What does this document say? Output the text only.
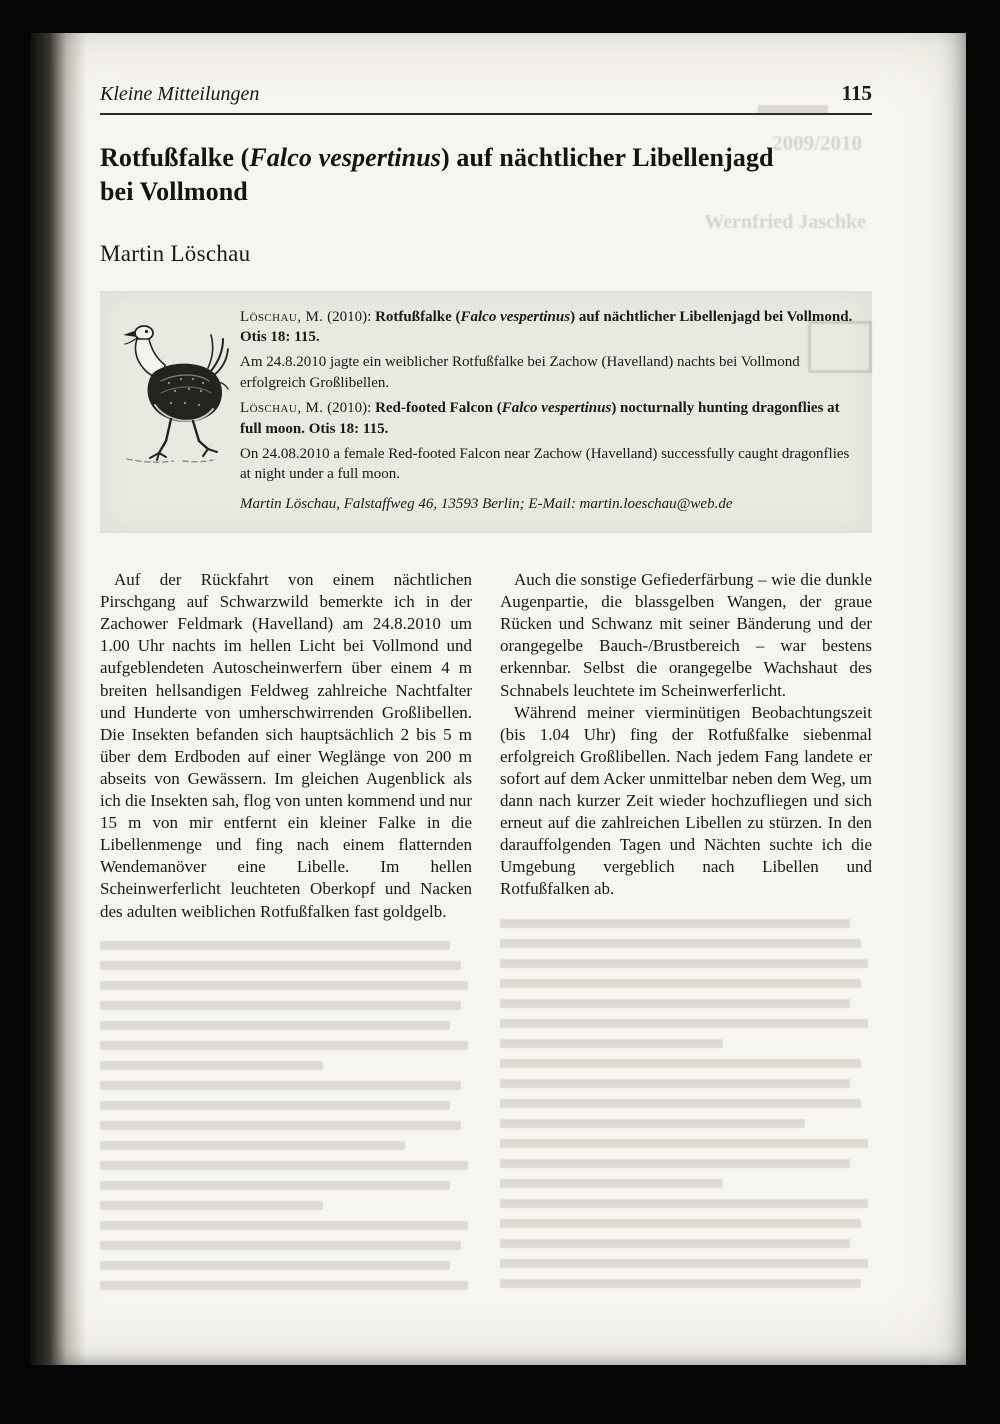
2009/2010
Wernfried Jaschke
Kleine Mitteilungen	115
Rotfußfalke (Falco vespertinus) auf nächtlicher Libellenjagd
bei Vollmond
Martin Löschau

Löschau, M. (2010): Rotfußfalke (Falco vespertinus) auf nächtlicher Libellenjagd bei Vollmond. Otis 18: 115.

Am 24.8.2010 jagte ein weiblicher Rotfußfalke bei Zachow (Havelland) nachts bei Vollmond erfolgreich Großlibellen.

Löschau, M. (2010): Red-footed Falcon (Falco vespertinus) nocturnally hunting dragonflies at full moon. Otis 18: 115.

On 24.08.2010 a female Red-footed Falcon near Zachow (Havelland) successfully caught dragonflies at night under a full moon.

Martin Löschau, Falstaffweg 46, 13593 Berlin; E-Mail: martin.loeschau@web.de

Auf der Rückfahrt von einem nächtlichen Pirschgang auf Schwarzwild bemerkte ich in der Zachower Feldmark (Havelland) am 24.8.2010 um 1.00 Uhr nachts im hellen Licht bei Vollmond und aufgeblendeten Autoscheinwerfern über einem 4 m breiten hellsandigen Feldweg zahlreiche Nachtfalter und Hunderte von umherschwirrenden Großlibellen. Die Insekten befanden sich hauptsächlich 2 bis 5 m über dem Erdboden auf einer Weglänge von 200 m abseits von Gewässern. Im gleichen Augenblick als ich die Insekten sah, flog von unten kommend und nur 15 m von mir entfernt ein kleiner Falke in die Libellenmenge und fing nach einem flatternden Wendemanöver eine Libelle. Im hellen Scheinwerferlicht leuchteten Oberkopf und Nacken des adulten weiblichen Rotfußfalken fast goldgelb.

Auch die sonstige Gefiederfärbung – wie die dunkle Augenpartie, die blassgelben Wangen, der graue Rücken und Schwanz mit seiner Bänderung und der orangegelbe Bauch-/Brustbereich – war bestens erkennbar. Selbst die orangegelbe Wachshaut des Schnabels leuchtete im Scheinwerferlicht.

Während meiner vierminütigen Beobachtungszeit (bis 1.04 Uhr) fing der Rotfußfalke siebenmal erfolgreich Großlibellen. Nach jedem Fang landete er sofort auf dem Acker unmittelbar neben dem Weg, um dann nach kurzer Zeit wieder hochzufliegen und sich erneut auf die zahlreichen Libellen zu stürzen. In den darauffolgenden Tagen und Nächten suchte ich die Umgebung vergeblich nach Libellen und Rotfußfalken ab.
